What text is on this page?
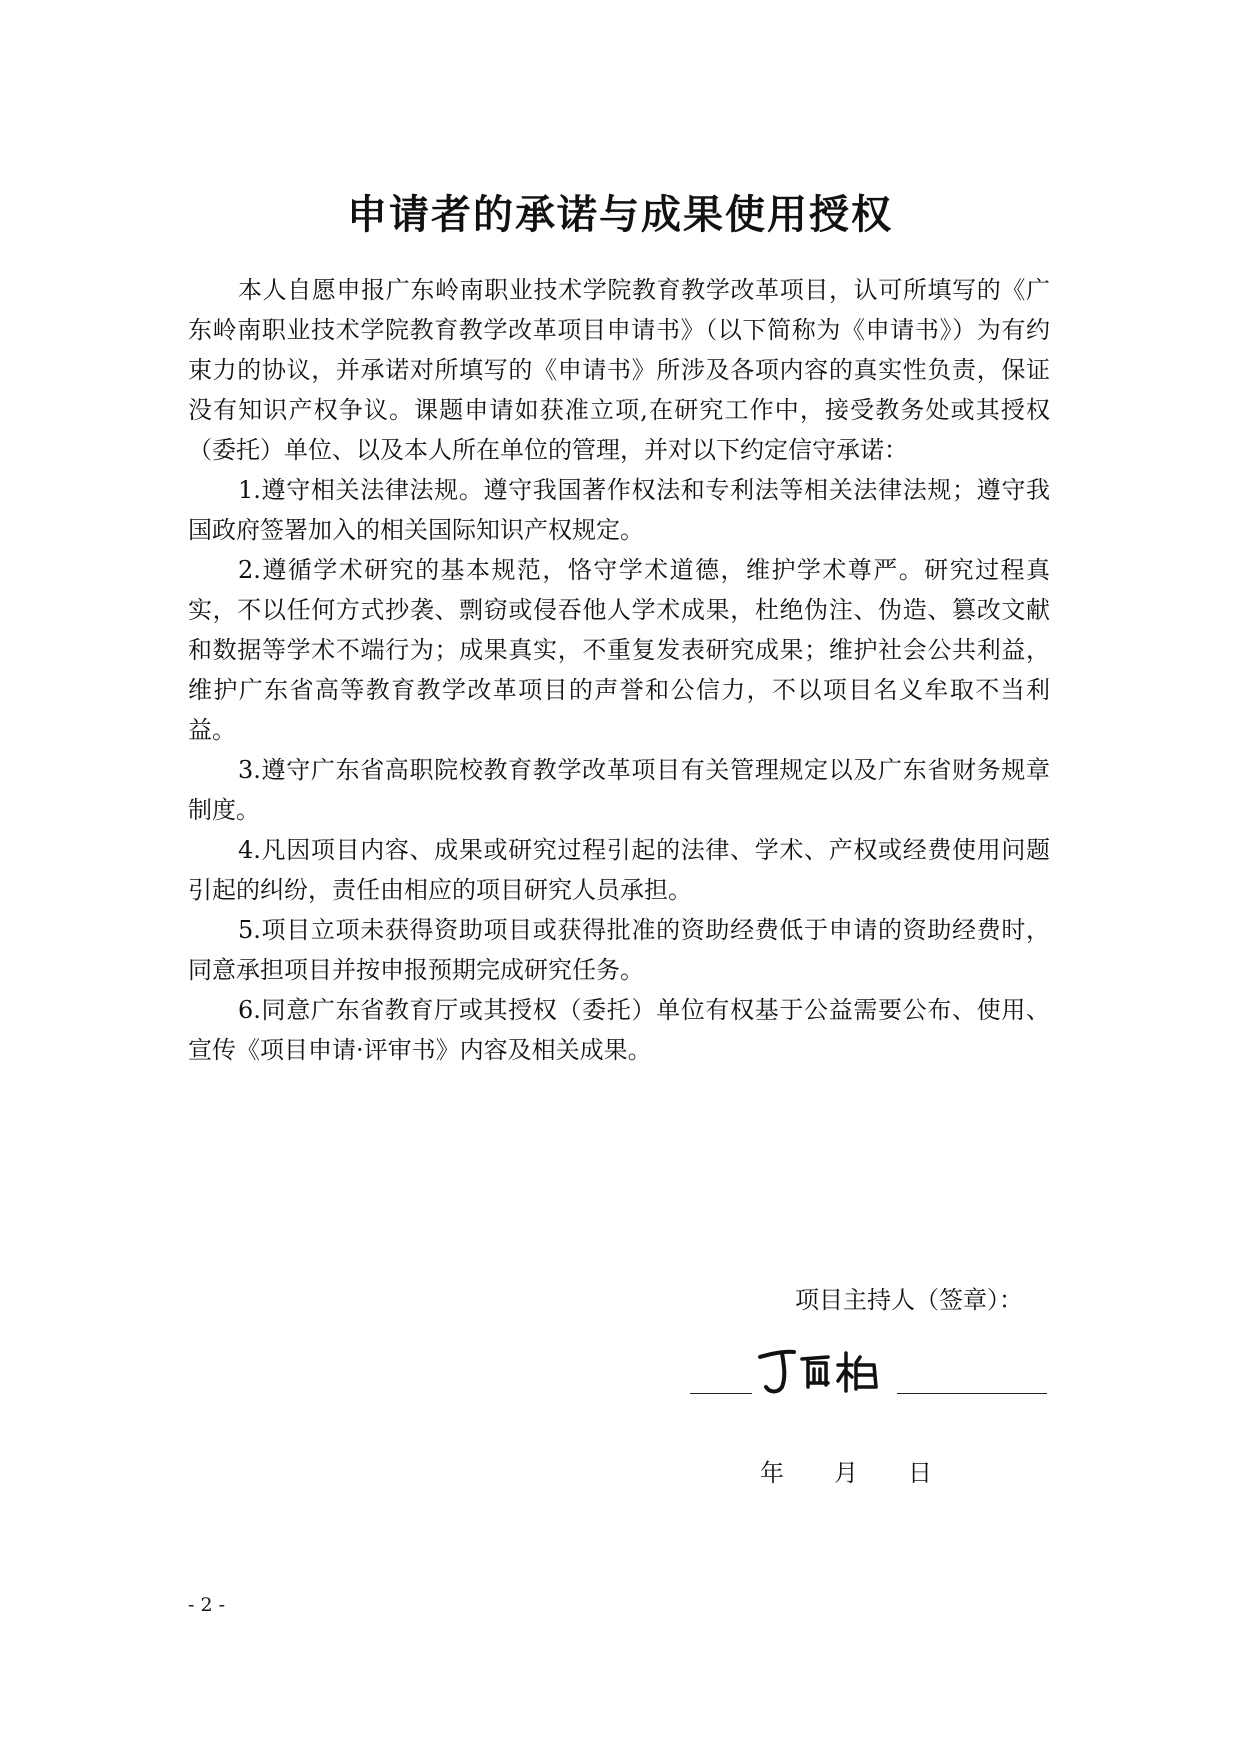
申请者的承诺与成果使用授权

本人自愿申报广东岭南职业技术学院教育教学改革项目，认可所填写的《广东岭南职业技术学院教育教学改革项目申请书》（以下简称为《申请书》）为有约束力的协议，并承诺对所填写的《申请书》所涉及各项内容的真实性负责，保证没有知识产权争议。课题申请如获准立项,在研究工作中，接受教务处或其授权（委托）单位、以及本人所在单位的管理，并对以下约定信守承诺：

1.遵守相关法律法规。遵守我国著作权法和专利法等相关法律法规；遵守我国政府签署加入的相关国际知识产权规定。

2.遵循学术研究的基本规范，恪守学术道德，维护学术尊严。研究过程真实，不以任何方式抄袭、剽窃或侵吞他人学术成果，杜绝伪注、伪造、篡改文献和数据等学术不端行为；成果真实，不重复发表研究成果；维护社会公共利益，维护广东省高等教育教学改革项目的声誉和公信力，不以项目名义牟取不当利益。

3.遵守广东省高职院校教育教学改革项目有关管理规定以及广东省财务规章制度。

4.凡因项目内容、成果或研究过程引起的法律、学术、产权或经费使用问题引起的纠纷，责任由相应的项目研究人员承担。

5.项目立项未获得资助项目或获得批准的资助经费低于申请的资助经费时，同意承担项目并按申报预期完成研究任务。

6.同意广东省教育厅或其授权（委托）单位有权基于公益需要公布、使用、宣传《项目申请·评审书》内容及相关成果。

项目主持人（签章）：
年 月 日
- 2 -
